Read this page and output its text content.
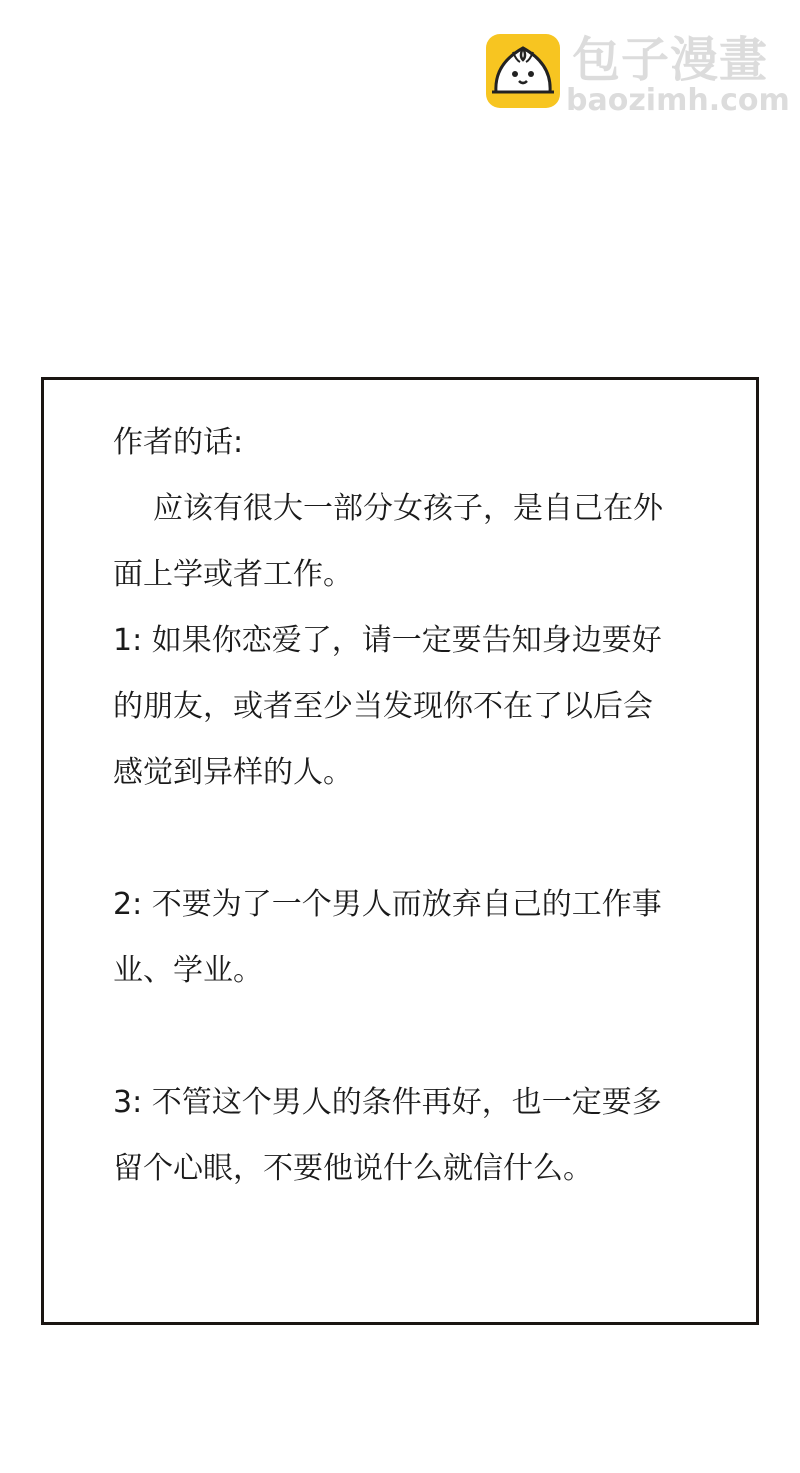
包子漫畫
baozimh.com

作者的话:

应该有很大一部分女孩子，是自己在外

面上学或者工作。

1: 如果你恋爱了，请一定要告知身边要好

的朋友，或者至少当发现你不在了以后会

感觉到异样的人。

2: 不要为了一个男人而放弃自己的工作事

业、学业。

3: 不管这个男人的条件再好，也一定要多

留个心眼，不要他说什么就信什么。
